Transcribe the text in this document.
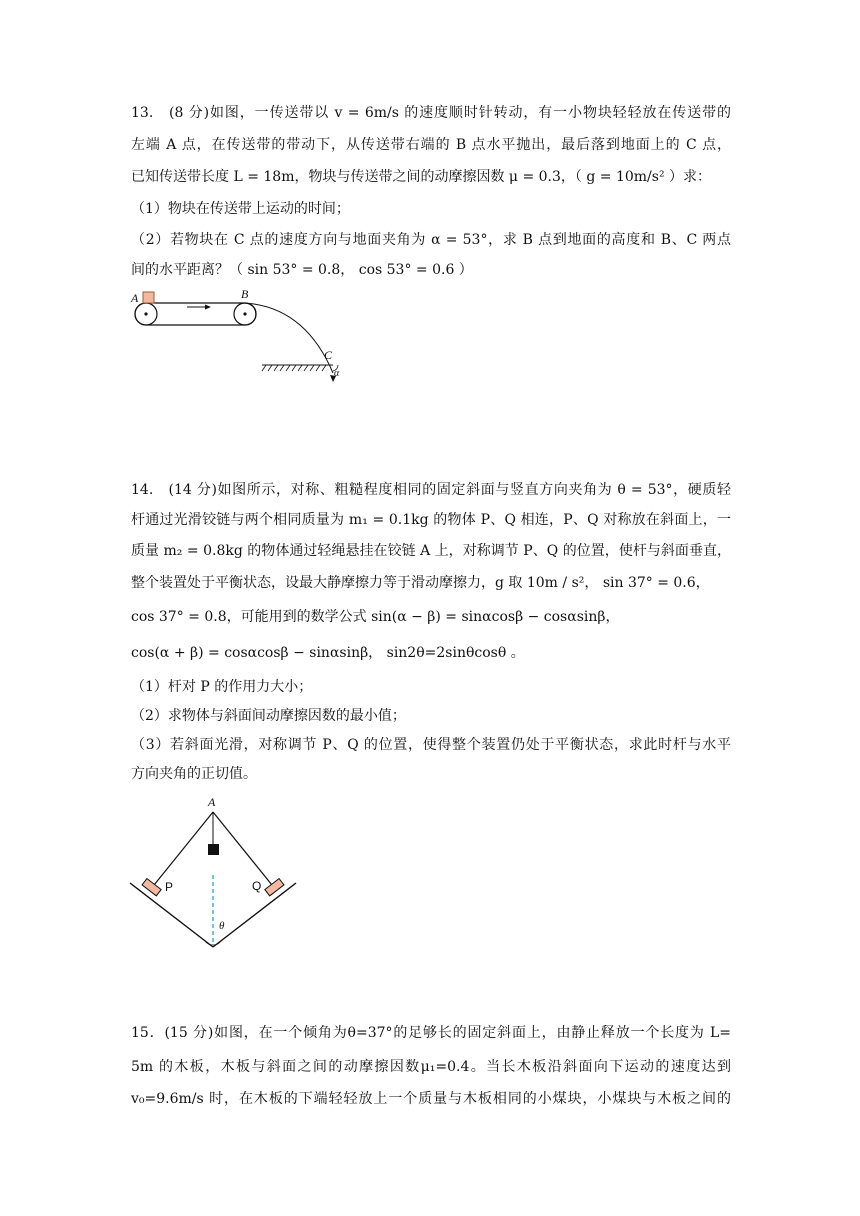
13.　(8 分)如图，一传送带以 v = 6m/s 的速度顺时针转动，有一小物块轻轻放在传送带的

左端 A 点，在传送带的带动下，从传送带右端的 B 点水平抛出，最后落到地面上的 C 点，

已知传送带长度 L = 18m，物块与传送带之间的动摩擦因数 μ = 0.3，（ g = 10m/s² ）求：

（1）物块在传送带上运动的时间；

（2）若物块在 C 点的速度方向与地面夹角为 α = 53°，求 B 点到地面的高度和 B、C 两点

间的水平距离？（ sin 53° = 0.8， cos 53° = 0.6 ）

A	B

C

α

14.　(14 分)如图所示，对称、粗糙程度相同的固定斜面与竖直方向夹角为 θ = 53°，硬质轻

杆通过光滑铰链与两个相同质量为 m₁ = 0.1kg 的物体 P、Q 相连，P、Q 对称放在斜面上，一

质量 m₂ = 0.8kg 的物体通过轻绳悬挂在铰链 A 上，对称调节 P、Q 的位置，使杆与斜面垂直，

整个装置处于平衡状态，设最大静摩擦力等于滑动摩擦力，g 取 10m / s²， sin 37° = 0.6，

cos 37° = 0.8，可能用到的数学公式 sin(α − β) = sinαcosβ − cosαsinβ，

cos(α + β) = cosαcosβ − sinαsinβ， sin2θ=2sinθcosθ 。

（1）杆对 P 的作用力大小；

（2）求物体与斜面间动摩擦因数的最小值；

（3）若斜面光滑，对称调节 P、Q 的位置，使得整个装置仍处于平衡状态，求此时杆与水平

方向夹角的正切值。

A

P	Q

θ

15．(15 分)如图，在一个倾角为θ=37°的足够长的固定斜面上，由静止释放一个长度为 L=

5m 的木板，木板与斜面之间的动摩擦因数μ₁=0.4。当长木板沿斜面向下运动的速度达到

v₀=9.6m/s 时，在木板的下端轻轻放上一个质量与木板相同的小煤块，小煤块与木板之间的
